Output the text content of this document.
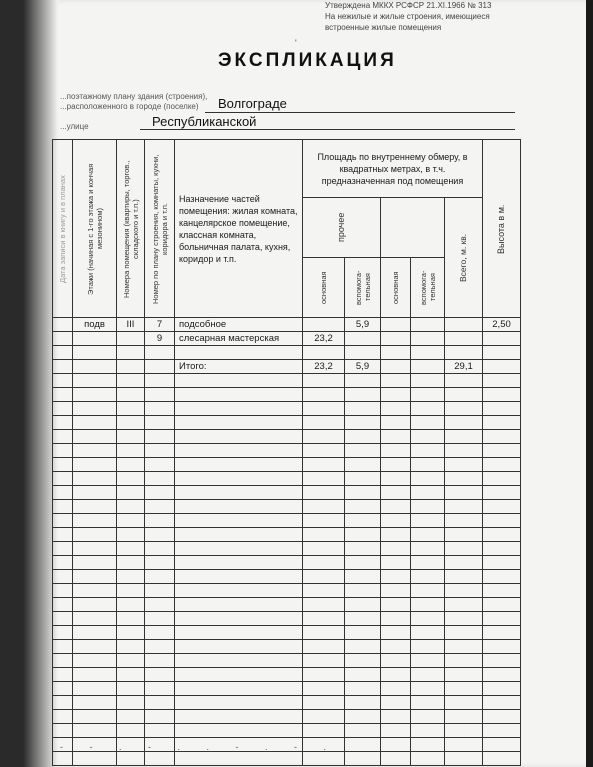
Утверждена МККХ РСФСР 21.XI.1966 № 313
На нежилые и жилые строения, имеющиеся
встроенные жилые помещения
'
ЭКСПЛИКАЦИЯ
...поэтажному плану здания (строения),
...расположенного в городе (поселке) Волгограде
...улице	Республиканской
Дата записи в книгу и в планах	Этажи (начиная с 1-го этажа и кончая мезонином)	Номера помещения (квартиры, торгов., складского и т.п.)	Номер по плану строения, комнаты, кухни, коридора и т.п.	Назначение частей помещения: жилая комната, канцелярское помещение, классная комната, больничная палата, кухня, коридор и т.п.	Площадь по внутреннему обмеру, в квадратных метрах, в т.ч. предназначенная под помещения					Высота в м.

					прочее				Всего, м. кв.	

					основная	вспомога-тельная	основная	вспомога-тельная		

	подв	III	7	подсобное		5,9				2,50
			9	слесарная мастерская	23,2					

				Итого:	23,2	5,9			29,1	

- - . - . . - . - .
